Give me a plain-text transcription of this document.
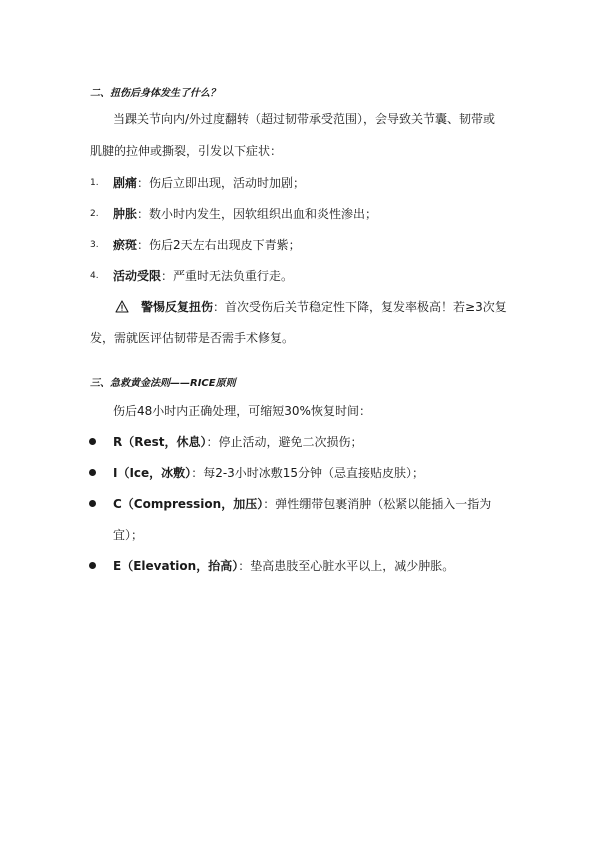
二、扭伤后身体发生了什么？
当踝关节向内/外过度翻转（超过韧带承受范围），会导致关节囊、韧带或
肌腱的拉伸或撕裂，引发以下症状：
1. 剧痛：伤后立即出现，活动时加剧；
2. 肿胀：数小时内发生，因软组织出血和炎性渗出；
3. 瘀斑：伤后2天左右出现皮下青紫；
4. 活动受限：严重时无法负重行走。
警惕反复扭伤：首次受伤后关节稳定性下降，复发率极高！若≥3次复
发，需就医评估韧带是否需手术修复。
三、急救黄金法则——RICE原则
伤后48小时内正确处理，可缩短30%恢复时间：
R（Rest，休息）：停止活动，避免二次损伤；
I（Ice，冰敷）：每2-3小时冰敷15分钟（忌直接贴皮肤）；
C（Compression，加压）：弹性绷带包裹消肿（松紧以能插入一指为
宜）；
E（Elevation，抬高）：垫高患肢至心脏水平以上，减少肿胀。
